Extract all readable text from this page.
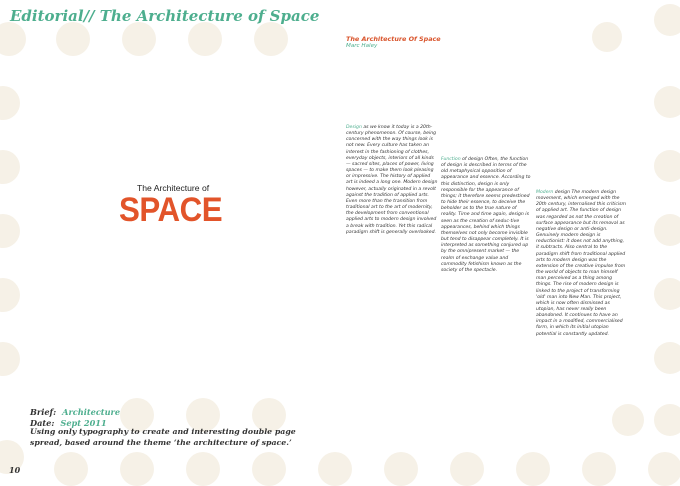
Editorial// The Architecture of Space
The Architecture Of Space
Marc Haley
The Architecture of
SPACE

Design as we know it today is a 20th-century phenomenon. Of course, being concerned with the way things look is not new. Every culture has taken an interest in the fashioning of clothes, everyday objects, interiors of all kinds — sacred sites, places of power, living spaces — to make them look pleasing or impressive. The history of applied art is indeed a long one. Modern design however, actually originated in a revolt against the tradition of applied arts. Even more than the transition from traditional art to the art of modernity, the development from conventional applied arts to modern design involved a break with tradition. Yet this radical paradigm shift is generally overlooked.

Function of design Often, the function of design is described in terms of the old metaphysical opposition of appearance and essence. According to this distinction, design is only responsible for the appearance of things; it therefore seems predestined to hide their essence, to deceive the beholder as to the true nature of reality. Time and time again, design is seen as the creation of seduc-tive appearances, behind which things themselves not only become invisible but tend to disappear completely. It is interpreted as something conjured up by the omnipresent market — the realm of exchange value and commodity fetishism known as the society of the spectacle.

Modern design The modern design movement, which emerged with the 20th century, internalised this criticism of applied art. The function of design was regarded as not the creation of surface appearance but its removal as negative design or anti-design. Genuinely modern design is reductionist: it does not add anything, it subtracts. Also central to the paradigm shift from traditional applied arts to modern design was the extension of the creative impulse from the world of objects to man himself man perceived as a thing among things. The rise of modern design is linked to the project of transforming 'old' man into New Man. This project, which is now often dismissed as utopian, has never really been abandoned. It continues to have an impact in a modified, commercialised form, in which its initial utopian potential is constantly updated.

Brief: Architecture
Date: Sept 2011
Using only typography to create and interesting double page spread, based around the theme ‘the architecture of space.’
10
